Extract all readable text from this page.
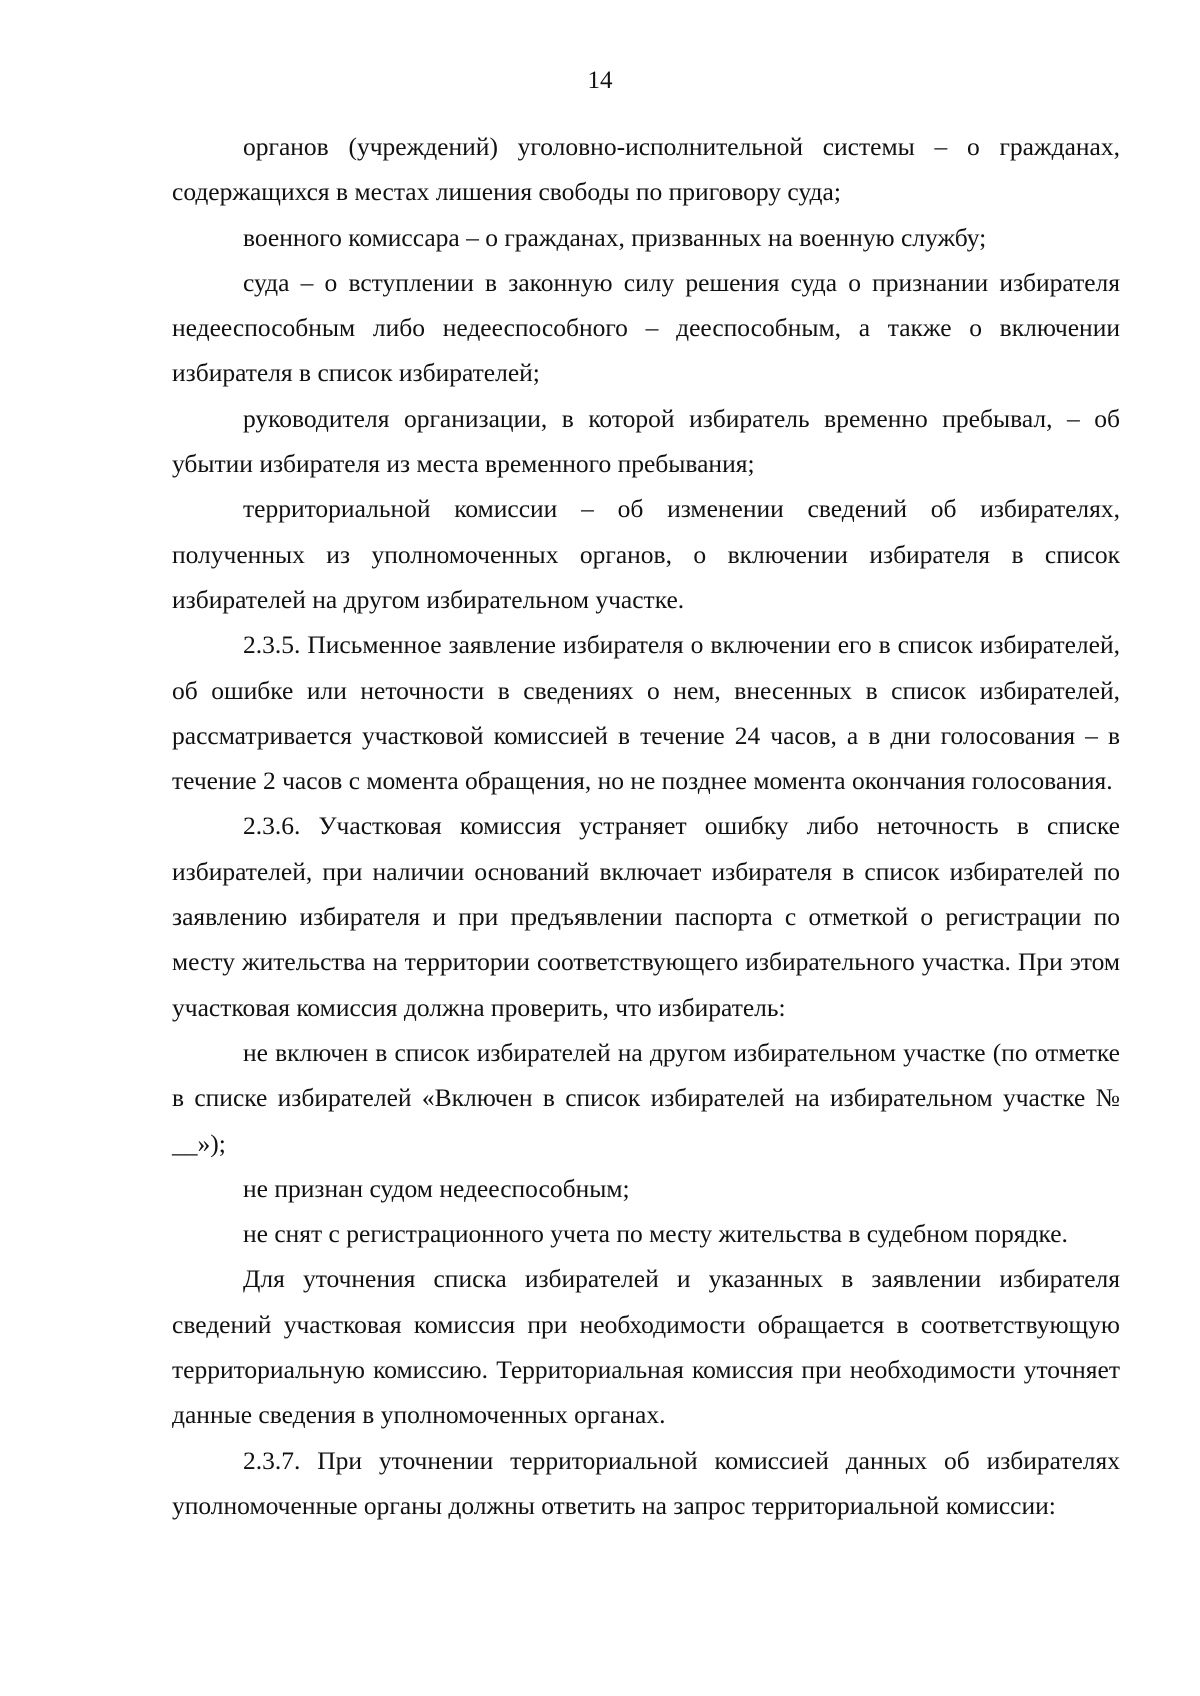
14

органов (учреждений) уголовно-исполнительной системы – о гражданах, содержащихся в местах лишения свободы по приговору суда;

военного комиссара – о гражданах, призванных на военную службу;

суда – о вступлении в законную силу решения суда о признании избирателя недееспособным либо недееспособного – дееспособным, а также о включении избирателя в список избирателей;

руководителя организации, в которой избиратель временно пребывал, – об убытии избирателя из места временного пребывания;

территориальной комиссии – об изменении сведений об избирателях, полученных из уполномоченных органов, о включении избирателя в список избирателей на другом избирательном участке.

2.3.5. Письменное заявление избирателя о включении его в список избирателей, об ошибке или неточности в сведениях о нем, внесенных в список избирателей, рассматривается участковой комиссией в течение 24 часов, а в дни голосования – в течение 2 часов с момента обращения, но не позднее момента окончания голосования.

2.3.6. Участковая комиссия устраняет ошибку либо неточность в списке избирателей, при наличии оснований включает избирателя в список избирателей по заявлению избирателя и при предъявлении паспорта с отметкой о регистрации по месту жительства на территории соответствующего избирательного участка. При этом участковая комиссия должна проверить, что избиратель:

не включен в список избирателей на другом избирательном участке (по отметке в списке избирателей «Включен в список избирателей на избирательном участке № __»);

не признан судом недееспособным;

не снят с регистрационного учета по месту жительства в судебном порядке.

Для уточнения списка избирателей и указанных в заявлении избирателя сведений участковая комиссия при необходимости обращается в соответствующую территориальную комиссию. Территориальная комиссия при необходимости уточняет данные сведения в уполномоченных органах.

2.3.7. При уточнении территориальной комиссией данных об избирателях уполномоченные органы должны ответить на запрос территориальной комиссии:
